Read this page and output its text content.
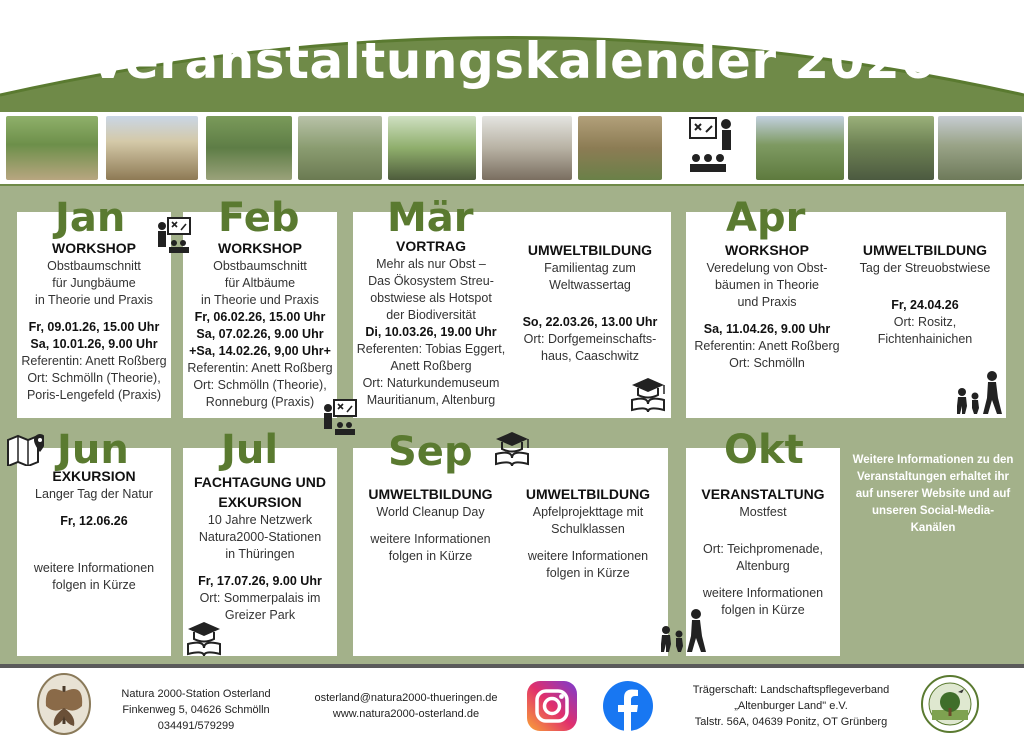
Veranstaltungskalender 2026
Jan Feb Mär	Apr
WORKSHOP
Obstbaumschnitt
für Jungbäume
in Theorie und Praxis
Fr, 09.01.26, 15.00 Uhr
Sa, 10.01.26, 9.00 Uhr
Referentin: Anett Roßberg
Ort: Schmölln (Theorie),
Poris-Lengefeld (Praxis)
WORKSHOP
Obstbaumschnitt
für Altbäume
in Theorie und Praxis
Fr, 06.02.26, 15.00 Uhr
Sa, 07.02.26, 9.00 Uhr
+Sa, 14.02.26, 9,00 Uhr+
Referentin: Anett Roßberg
Ort: Schmölln (Theorie),
Ronneburg (Praxis)
VORTRAG
Mehr als nur Obst –
Das Ökosystem Streu-
obstwiese als Hotspot
der Biodiversität
Di, 10.03.26, 19.00 Uhr
Referenten: Tobias Eggert,
Anett Roßberg
Ort: Naturkundemuseum
Mauritianum, Altenburg
UMWELTBILDUNG
Familientag zum
Weltwassertag
So, 22.03.26, 13.00 Uhr
Ort: Dorfgemeinschafts-
haus, Caaschwitz
WORKSHOP
Veredelung von Obst-
bäumen in Theorie
und Praxis
Sa, 11.04.26, 9.00 Uhr
Referentin: Anett Roßberg
Ort: Schmölln
UMWELTBILDUNG
Tag der Streuobstwiese
Fr, 24.04.26
Ort: Rositz, Fichtenhainichen
Jun Jul	Sep	Okt
EXKURSION
Langer Tag der Natur
Fr, 12.06.26
weitere Informationen
folgen in Kürze
FACHTAGUNG UND EXKURSION
10 Jahre Netzwerk
Natura2000-Stationen
in Thüringen
Fr, 17.07.26, 9.00 Uhr
Ort: Sommerpalais im
Greizer Park
UMWELTBILDUNG
World Cleanup Day
weitere Informationen
folgen in Kürze
UMWELTBILDUNG
Apfelprojekttage mit
Schulklassen
weitere Informationen
folgen in Kürze
VERANSTALTUNG
Mostfest
Ort: Teichpromenade,
Altenburg
weitere Informationen
folgen in Kürze
Weitere Informationen zu den Veranstaltungen erhaltet ihr auf unserer Website und auf unseren Social-Media-Kanälen
Natura 2000-Station Osterland
Finkenweg 5, 04626 Schmölln
034491/579299
osterland@natura2000-thueringen.de
www.natura2000-osterland.de
Trägerschaft: Landschaftspflegeverband
„Altenburger Land" e.V.
Talstr. 56A, 04639 Ponitz, OT Grünberg
